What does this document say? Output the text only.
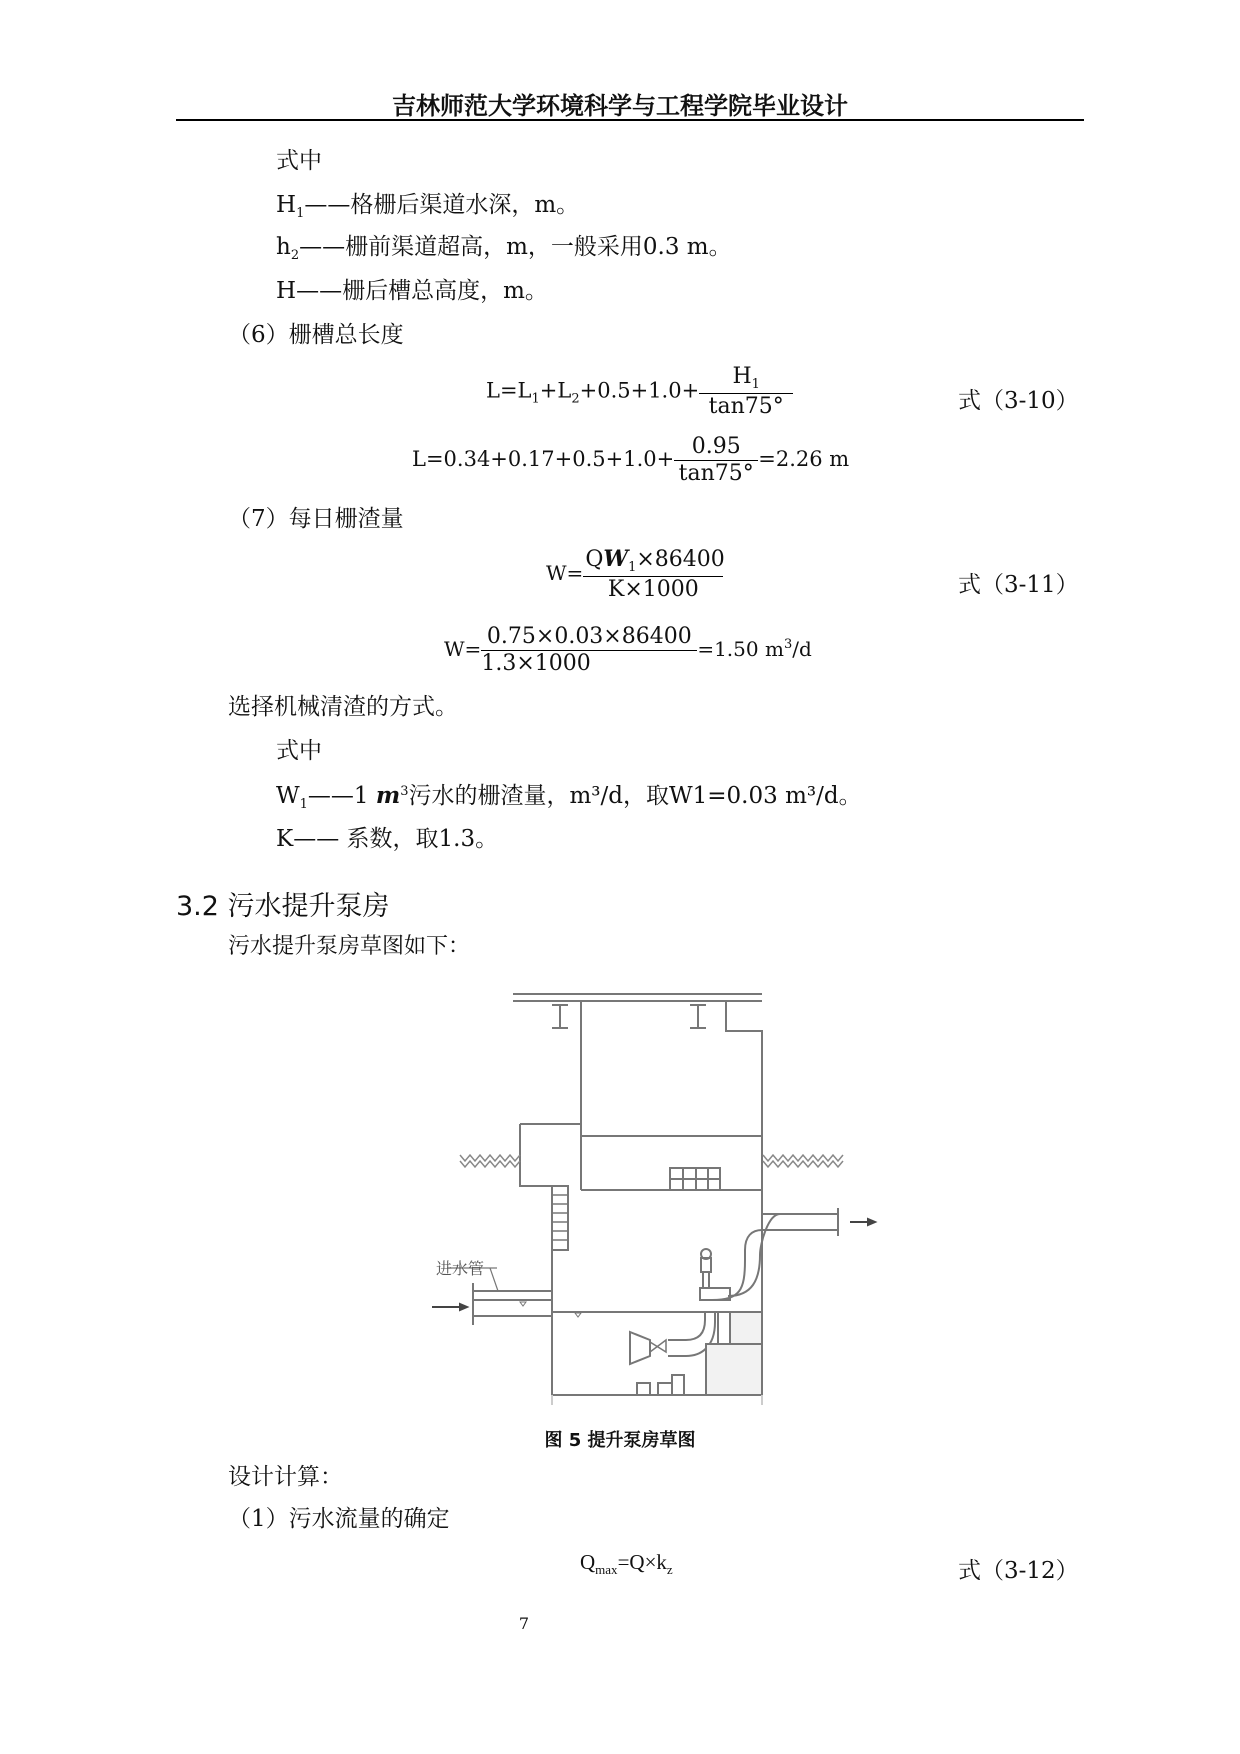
吉林师范大学环境科学与工程学院毕业设计
式中
$H_1——$格栅后渠道水深，m。
$h_2——$栅前渠道超高，m，一般采用0.3 m。
H——栅后槽总高度，m。
（6）栅槽总长度
$L=L_1+L_2+0.5+1.0+ \frac{H_1}{\tan 75^\circ}$	式（3-10）
$L=0.34+0.17+0.5+1.0+ \frac{0.95}{\tan 75^\circ} =2.26$ m
（7）每日栅渣量
$W= \frac{QW_1\times 86400}{K\times 1000}$	式（3-11）
$W= \frac{0.75\times 0.03\times 86400}{1.3\times 1000} =1.50$ $m^3/d$
选择机械清渣的方式。
式中
$W_1——1$ $m^3$污水的栅渣量，m³/d，取W1=0.03 m³/d。
K—— 系数，取1.3。
3.2 污水提升泵房
污水提升泵房草图如下：
进水管
图 5 提升泵房草图
设计计算：
（1）污水流量的确定
$Q_{max}=Q\times k_z$	式（3-12）
7
